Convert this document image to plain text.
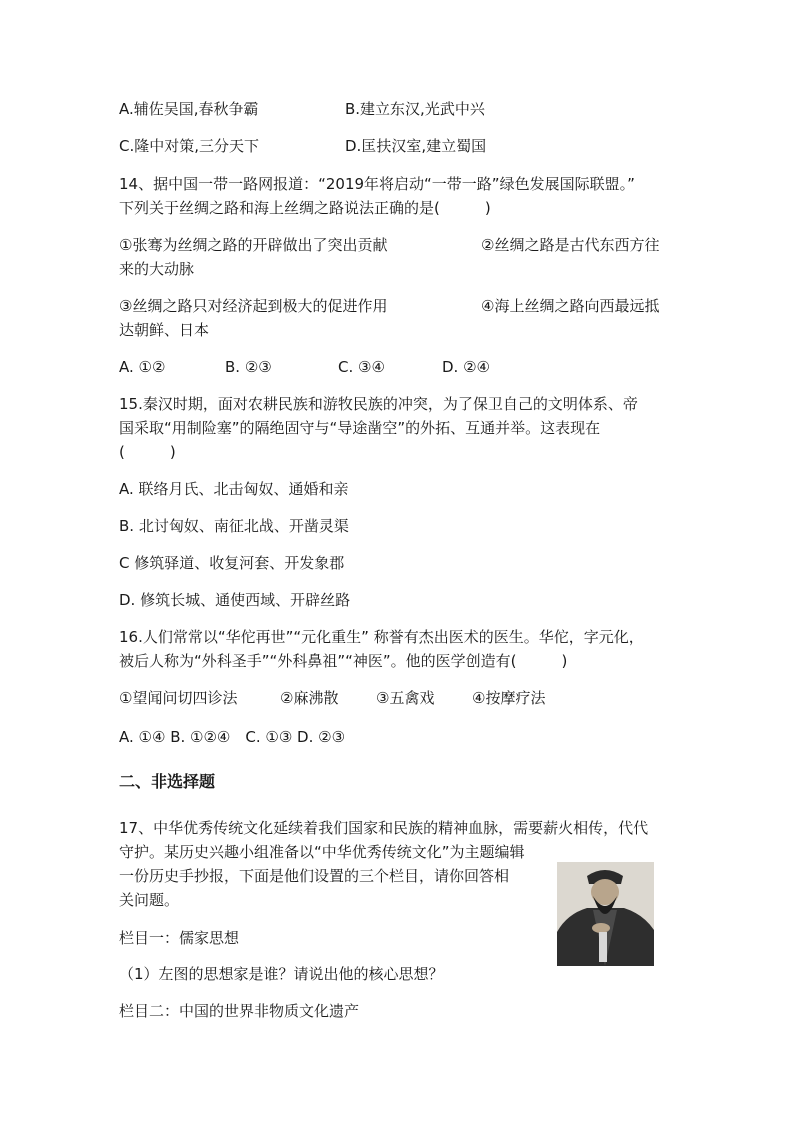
A.辅佐吴国,春秋争霸	B.建立东汉,光武中兴
C.隆中对策,三分天下	D.匡扶汉室,建立蜀国
14、据中国一带一路网报道：“2019年将启动“一带一路”绿色发展国际联盟。”
下列关于丝绸之路和海上丝绸之路说法正确的是(　　　)
①张骞为丝绸之路的开辟做出了突出贡献	②丝绸之路是古代东西方往
来的大动脉
③丝绸之路只对经济起到极大的促进作用	④海上丝绸之路向西最远抵
达朝鲜、日本
A. ①②	B. ②③	C. ③④	D. ②④
15.秦汉时期，面对农耕民族和游牧民族的冲突，为了保卫自己的文明体系、帝
国采取“用制险塞”的隔绝固守与“导途凿空”的外拓、互通并举。这表现在
(　　　)
A. 联络月氏、北击匈奴、通婚和亲
B. 北讨匈奴、南征北战、开凿灵渠
C 修筑驿道、收复河套、开发象郡
D. 修筑长城、通使西域、开辟丝路
16.人们常常以“华佗再世”“元化重生” 称誉有杰出医术的医生。华佗，字元化，
被后人称为“外科圣手”“外科鼻祖”“神医”。他的医学创造有(　　　)
①望闻问切四诊法	②麻沸散	③五禽戏	④按摩疗法
A. ①④ B. ①②④　C. ①③ D. ②③
二、非选择题
17、中华优秀传统文化延续着我们国家和民族的精神血脉，需要薪火相传，代代
守护。某历史兴趣小组准备以“中华优秀传统文化”为主题编辑
一份历史手抄报，下面是他们设置的三个栏目，请你回答相
关问题。
栏目一：儒家思想
（1）左图的思想家是谁？请说出他的核心思想？
栏目二：中国的世界非物质文化遗产
